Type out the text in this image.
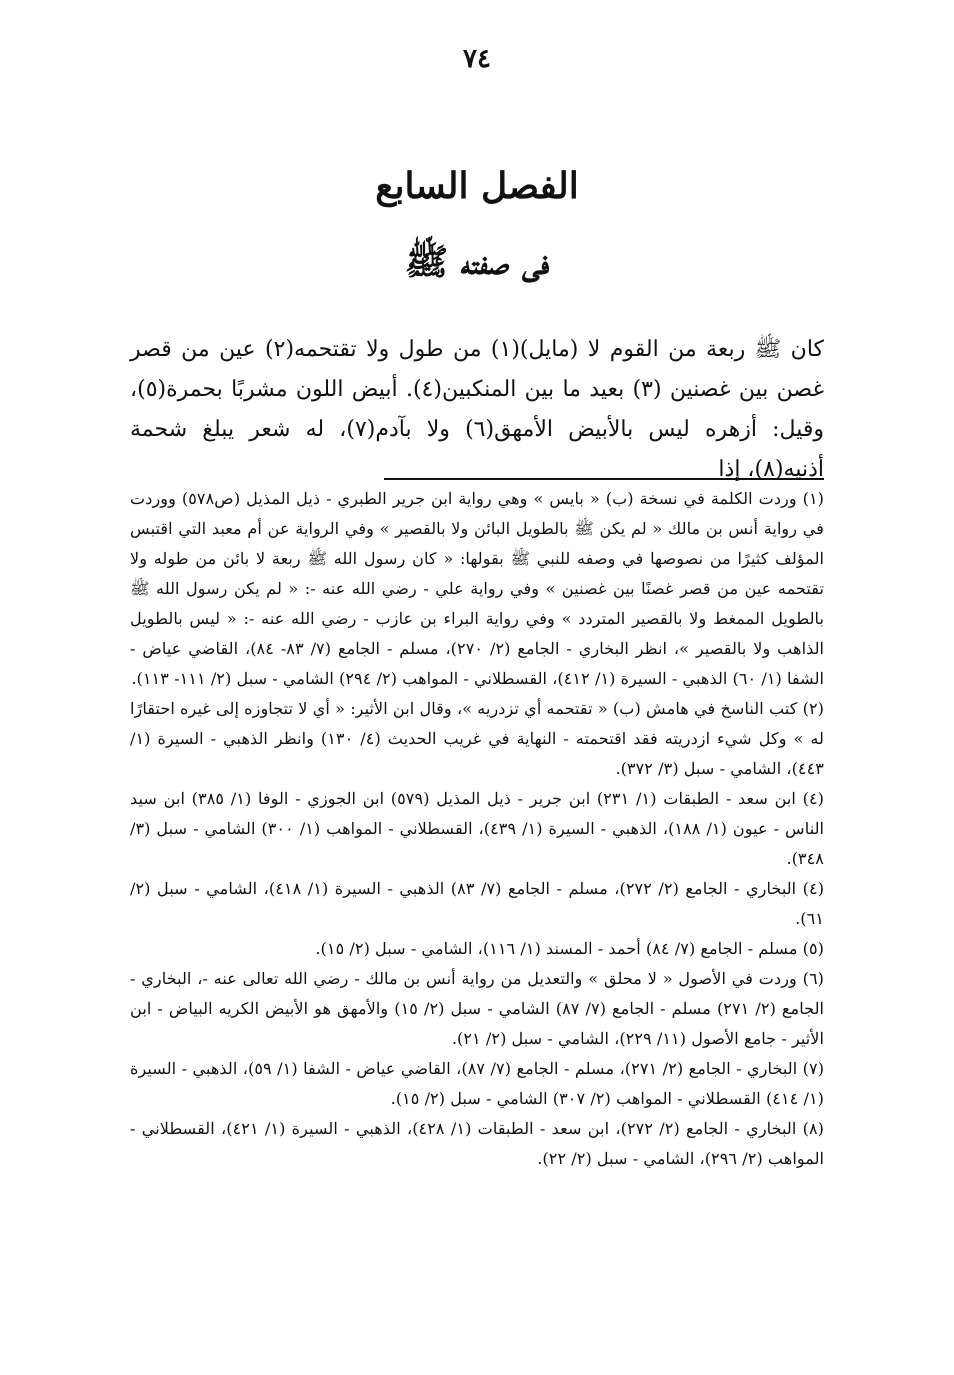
٧٤
الفصل السابع
فى صفته ﷺ

كان ﷺ ربعة من القوم لا (مايل)(١) من طول ولا تقتحمه(٢) عين من قصر غصن بين غصنين (٣) بعيد ما بين المنكبين(٤). أبيض اللون مشربًا بحمرة(٥)، وقيل: أزهره ليس بالأبيض الأمهق(٦) ولا بآدم(٧)، له شعر يبلغ شحمة أذنيه(٨)، إذا

(١) وردت الكلمة في نسخة (ب) « بايس » وهي رواية ابن جرير الطبري - ذيل المذيل (ص٥٧٨) ووردت في رواية أنس بن مالك « لم يكن ﷺ بالطويل البائن ولا بالقصير » وفي الرواية عن أم معبد التي اقتبس المؤلف كثيرًا من نصوصها في وصفه للنبي ﷺ بقولها: « كان رسول الله ﷺ ربعة لا بائن من طوله ولا تقتحمه عين من قصر غصنًا بين غصنين » وفي رواية علي - رضي الله عنه -: « لم يكن رسول الله ﷺ بالطويل الممغط ولا بالقصير المتردد » وفي رواية البراء بن عازب - رضي الله عنه -: « ليس بالطويل الذاهب ولا بالقصير »، انظر البخاري - الجامع (٢/ ٢٧٠)، مسلم - الجامع (٧/ ٨٣- ٨٤)، القاضي عياض - الشفا (١/ ٦٠) الذهبي - السيرة (١/ ٤١٢)، القسطلاني - المواهب (٢/ ٢٩٤) الشامي - سبل (٢/ ١١١- ١١٣).

(٢) كتب الناسخ في هامش (ب) « تقتحمه أي تزدريه »، وقال ابن الأثير: « أي لا تتجاوزه إلى غيره احتقارًا له » وكل شيء ازدريته فقد اقتحمته - النهاية في غريب الحديث (٤/ ١٣٠) وانظر الذهبي - السيرة (١/ ٤٤٣)، الشامي - سبل (٣/ ٣٧٢).

(٤) ابن سعد - الطبقات (١/ ٢٣١) ابن جرير - ذيل المذيل (٥٧٩) ابن الجوزي - الوفا (١/ ٣٨٥) ابن سيد الناس - عيون (١/ ١٨٨)، الذهبي - السيرة (١/ ٤٣٩)، القسطلاني - المواهب (١/ ٣٠٠) الشامي - سبل (٣/ ٣٤٨).

(٤) البخاري - الجامع (٢/ ٢٧٢)، مسلم - الجامع (٧/ ٨٣) الذهبي - السيرة (١/ ٤١٨)، الشامي - سبل (٢/ ٦١).

(٥) مسلم - الجامع (٧/ ٨٤) أحمد - المسند (١/ ١١٦)، الشامي - سبل (٢/ ١٥).

(٦) وردت في الأصول « لا محلق » والتعديل من رواية أنس بن مالك - رضي الله تعالى عنه -، البخاري - الجامع (٢/ ٢٧١) مسلم - الجامع (٧/ ٨٧) الشامي - سبل (٢/ ١٥) والأمهق هو الأبيض الكريه البياض - ابن الأثير - جامع الأصول (١١/ ٢٢٩)، الشامي - سبل (٢/ ٢١).

(٧) البخاري - الجامع (٢/ ٢٧١)، مسلم - الجامع (٧/ ٨٧)، القاضي عياض - الشفا (١/ ٥٩)، الذهبي - السيرة (١/ ٤١٤) القسطلاني - المواهب (٢/ ٣٠٧) الشامي - سبل (٢/ ١٥).

(٨) البخاري - الجامع (٢/ ٢٧٢)، ابن سعد - الطبقات (١/ ٤٢٨)، الذهبي - السيرة (١/ ٤٢١)، القسطلاني - المواهب (٢/ ٢٩٦)، الشامي - سبل (٢/ ٢٢).
